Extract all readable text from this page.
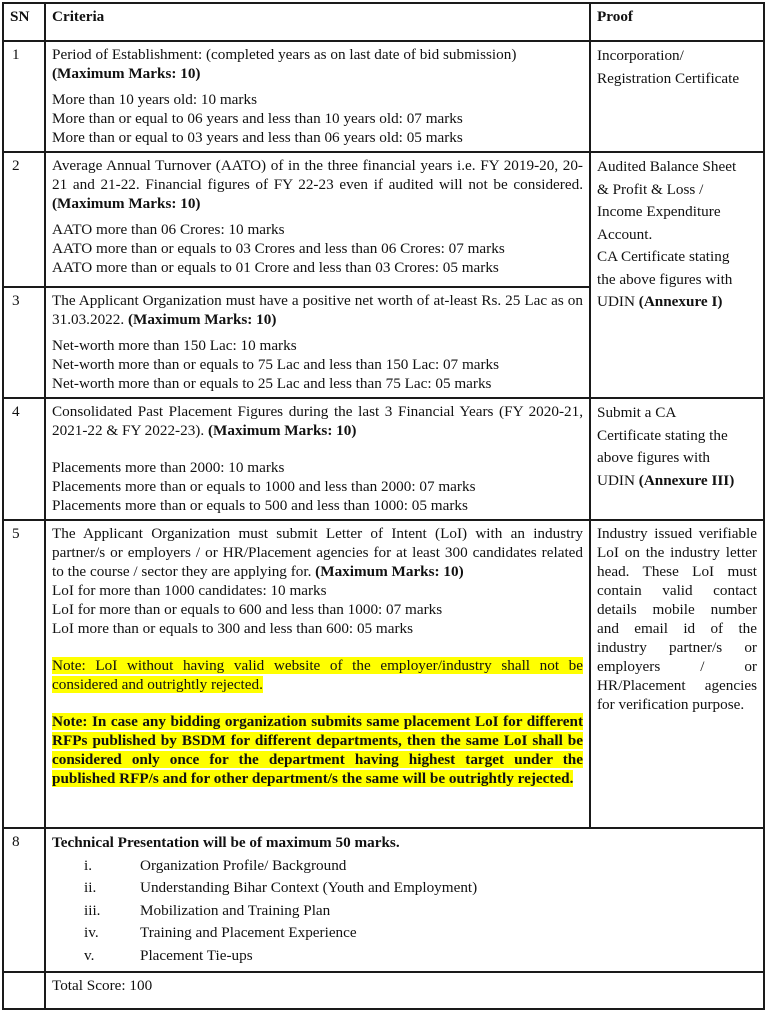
SN	Criteria	Proof
1	Period of Establishment: (completed years as on last date of bid submission)
(Maximum Marks: 10)
More than 10 years old: 10 marks
More than or equal to 06 years and less than 10 years old: 07 marks
More than or equal to 03 years and less than 06 years old: 05 marks

Incorporation/
Registration Certificate

2	Average Annual Turnover (AATO) of in the three financial years i.e. FY 2019-20, 20-21 and 21-22. Financial figures of FY 22-23 even if audited will not be considered. (Maximum Marks: 10)
AATO more than 06 Crores: 10 marks
AATO more than or equals to 03 Crores and less than 06 Crores: 07 marks
AATO more than or equals to 01 Crore and less than 03 Crores: 05 marks

Audited Balance Sheet
& Profit & Loss /
Income Expenditure
Account.
CA Certificate stating
the above figures with
UDIN (Annexure I)

3	The Applicant Organization must have a positive net worth of at-least Rs. 25 Lac as on 31.03.2022. (Maximum Marks: 10)
Net-worth more than 150 Lac: 10 marks
Net-worth more than or equals to 75 Lac and less than 150 Lac: 07 marks
Net-worth more than or equals to 25 Lac and less than 75 Lac: 05 marks	

4	Consolidated Past Placement Figures during the last 3 Financial Years (FY 2020-21, 2021-22 & FY 2022-23). (Maximum Marks: 10)
Placements more than 2000: 10 marks
Placements more than or equals to 1000 and less than 2000: 07 marks
Placements more than or equals to 500 and less than 1000: 05 marks

Submit a CA
Certificate stating the
above figures with
UDIN (Annexure III)

5	The Applicant Organization must submit Letter of Intent (LoI) with an industry partner/s or employers / or HR/Placement agencies for at least 300 candidates related to the course / sector they are applying for. (Maximum Marks: 10)
LoI for more than 1000 candidates: 10 marks
LoI for more than or equals to 600 and less than 1000: 07 marks
LoI more than or equals to 300 and less than 600: 05 marks
Note: LoI without having valid website of the employer/industry shall not be considered and outrightly rejected.
Note: In case any bidding organization submits same placement LoI for different RFPs published by BSDM for different departments, then the same LoI shall be considered only once for the department having highest target under the published RFP/s and for other department/s the same will be outrightly rejected.

Industry issued verifiable LoI on the industry letter head. These LoI must contain valid contact details mobile number and email id of the industry partner/s or employers / or HR/Placement agencies for verification purpose.

8	Technical Presentation will be of maximum 50 marks.
i.	Organization Profile/ Background
ii.	Understanding Bihar Context (Youth and Employment)
iii.	Mobilization and Training Plan
iv.	Training and Placement Experience
v.	Placement Tie-ups

	Total Score: 100	
